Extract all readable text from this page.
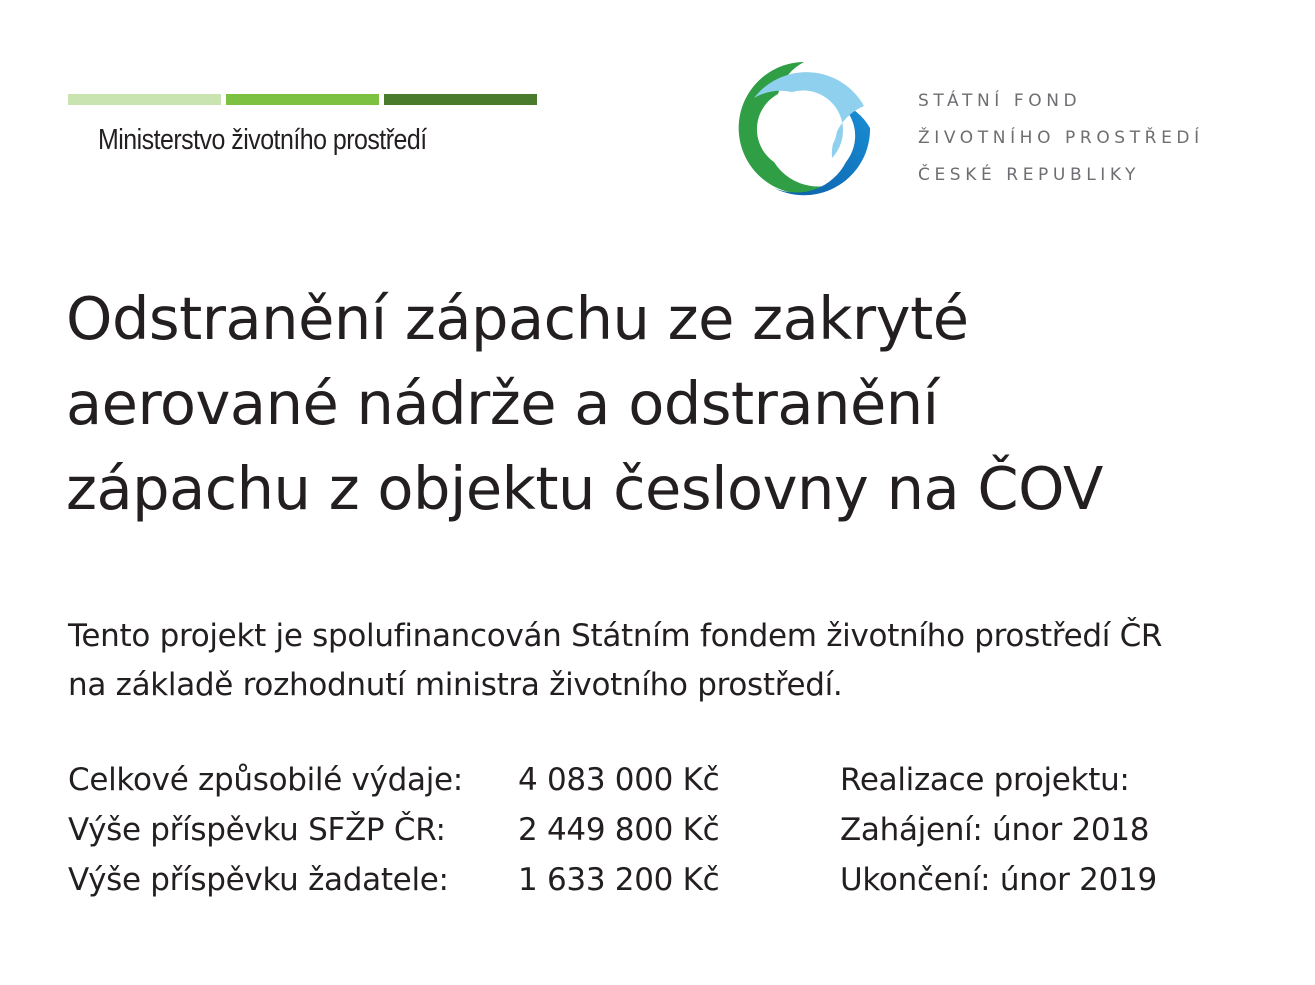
Ministerstvo životního prostředí
STÁTNÍ FOND
ŽIVOTNÍHO PROSTŘEDÍ
ČESKÉ REPUBLIKY
Odstranění zápachu ze zakryté
aerované nádrže a odstranění
zápachu z objektu česlovny na ČOV
Tento projekt je spolufinancován Státním fondem životního prostředí ČR
na základě rozhodnutí ministra životního prostředí.
Celkové způsobilé výdaje: 4 083 000 Kč
Výše příspěvku SFŽP ČR: 2 449 800 Kč
Výše příspěvku žadatele: 1 633 200 Kč
Realizace projektu:
Zahájení: únor 2018
Ukončení: únor 2019
